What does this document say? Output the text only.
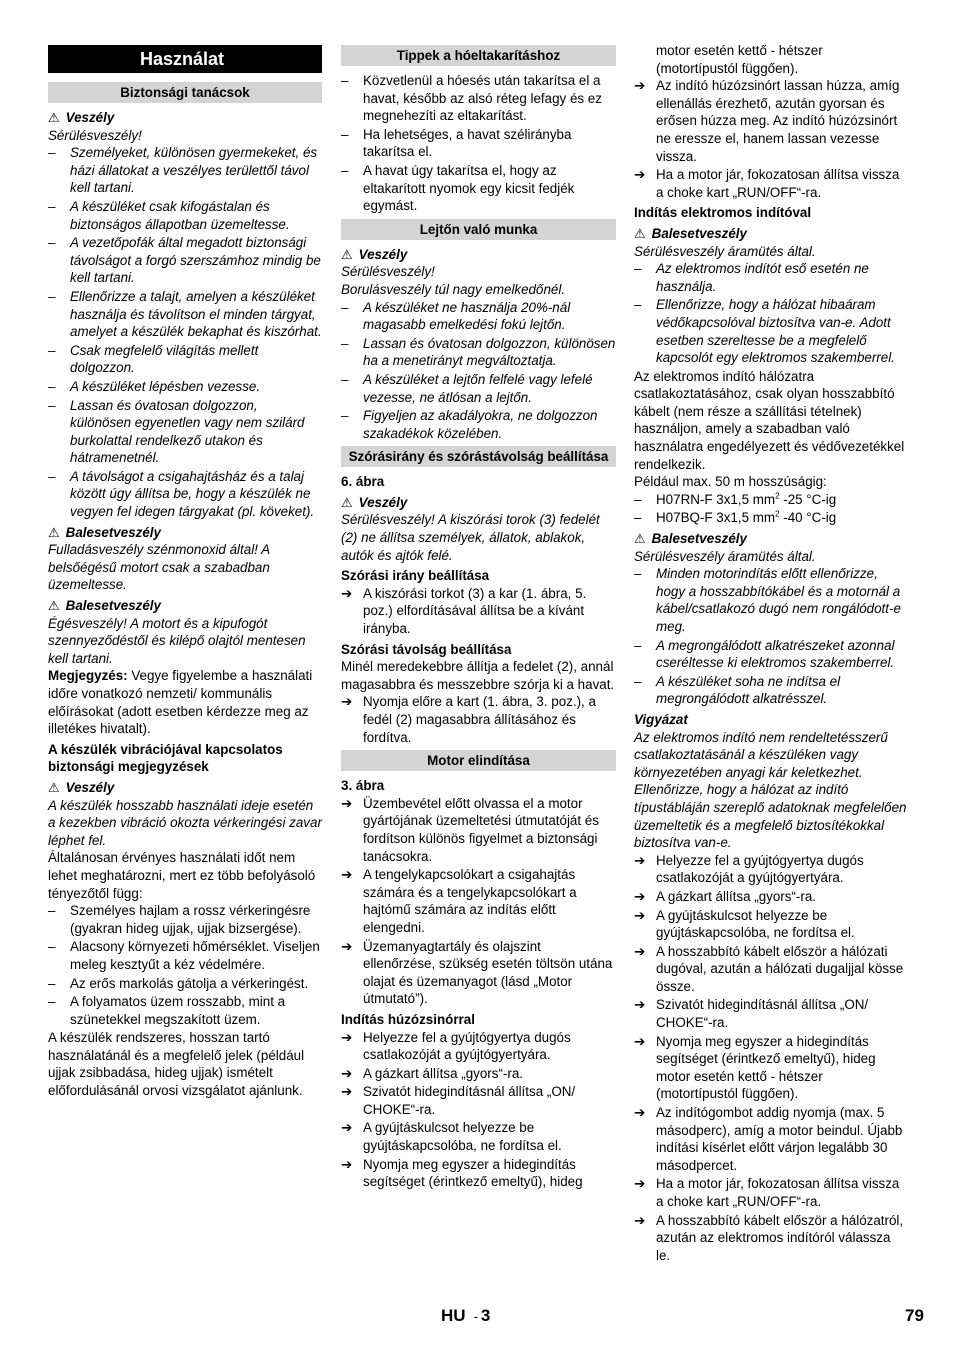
Használat
Biztonsági tanácsok
⚠ Veszély

Sérülésveszély!

– Személyeket, különösen gyermekeket, és házi állatokat a veszélyes területtől távol kell tartani.
– A készüléket csak kifogástalan és biztonságos állapotban üzemeltesse.
– A vezetőpofák által megadott biztonsági távolságot a forgó szerszámhoz mindig be kell tartani.
– Ellenőrizze a talajt, amelyen a készüléket használja és távolítson el minden tárgyat, amelyet a készülék bekaphat és kiszórhat.
– Csak megfelelő világítás mellett dolgozzon.
– A készüléket lépésben vezesse.
– Lassan és óvatosan dolgozzon, különösen egyenetlen vagy nem szilárd burkolattal rendelkező utakon és hátramenetnél.
– A távolságot a csigahajtásház és a talaj között úgy állítsa be, hogy a készülék ne vegyen fel idegen tárgyakat (pl. köveket).
⚠ Balesetveszély

Fulladásveszély szénmonoxid által! A belsőégésű motort csak a szabadban üzemeltesse.

⚠ Balesetveszély

Égésveszély! A motort és a kipufogót szennyeződéstől és kilépő olajtól mentesen kell tartani.

Megjegyzés: Vegye figyelembe a használati időre vonatkozó nemzeti/ kommunális előírásokat (adott esetben kérdezze meg az illetékes hivatalt).

A készülék vibrációjával kapcsolatos biztonsági megjegyzések
⚠ Veszély

A készülék hosszabb használati ideje esetén a kezekben vibráció okozta vérkeringési zavar léphet fel.

Általánosan érvényes használati időt nem lehet meghatározni, mert ez több befolyásoló tényezőtől függ:

– Személyes hajlam a rossz vérkeringésre (gyakran hideg ujjak, ujjak bizsergése).
– Alacsony környezeti hőmérséklet. Viseljen meleg kesztyűt a kéz védelmére.
– Az erős markolás gátolja a vérkeringést.
– A folyamatos üzem rosszabb, mint a szünetekkel megszakított üzem.

A készülék rendszeres, hosszan tartó használatánál és a megfelelő jelek (például ujjak zsibbadása, hideg ujjak) ismételt előfordulásánál orvosi vizsgálatot ajánlunk.

Tippek a hóeltakarításhoz
– Közvetlenül a hóesés után takarítsa el a havat, később az alsó réteg lefagy és ez megnehezíti az eltakarítást.
– Ha lehetséges, a havat szélirányba takarítsa el.
– A havat úgy takarítsa el, hogy az eltakarított nyomok egy kicsit fedjék egymást.
Lejtőn való munka
⚠ Veszély

Sérülésveszély!

Borulásveszély túl nagy emelkedőnél.

– A készüléket ne használja 20%-nál magasabb emelkedési fokú lejtőn.
– Lassan és óvatosan dolgozzon, különösen ha a menetirányt megváltoztatja.
– A készüléket a lejtőn felfelé vagy lefelé vezesse, ne átlósan a lejtőn.
– Figyeljen az akadályokra, ne dolgozzon szakadékok közelében.
Szórásirány és szórástávolság beállítása
6. ábra
⚠ Veszély

Sérülésveszély! A kiszórási torok (3) fedelét (2) ne állítsa személyek, állatok, ablakok, autók és ajtók felé.

Szórási irány beállítása
➔ A kiszórási torkot (3) a kar (1. ábra, 5. poz.) elfordításával állítsa be a kívánt irányba.
Szórási távolság beállítása

Minél meredekebbre állítja a fedelet (2), annál magasabbra és messzebbre szórja ki a havat.

➔ Nyomja előre a kart (1. ábra, 3. poz.), a fedél (2) magasabbra állításához és fordítva.
Motor elindítása
3. ábra
➔ Üzembevétel előtt olvassa el a motor gyártójának üzemeltetési útmutatóját és fordítson különös figyelmet a biztonsági tanácsokra.
➔ A tengelykapcsolókart a csigahajtás számára és a tengelykapcsolókart a hajtómű számára az indítás előtt elengedni.
➔ Üzemanyagtartály és olajszint ellenőrzése, szükség esetén töltsön utána olajat és üzemanyagot (lásd „Motor útmutató”).
Indítás húzózsinórral
➔ Helyezze fel a gyújtógyertya dugós csatlakozóját a gyújtógyertyára.
➔ A gázkart állítsa „gyors“-ra.
➔ Szivatót hidegindításnál állítsa „ON/ CHOKE“-ra.
➔ A gyújtáskulcsot helyezze be gyújtáskapcsolóba, ne fordítsa el.
➔ Nyomja meg egyszer a hidegindítás segítséget (érintkező emeltyű), hideg

motor esetén kettő - hétszer (motortípustól függően).

➔ Az indító húzózsinórt lassan húzza, amíg ellenállás érezhető, azután gyorsan és erősen húzza meg. Az indító húzózsinórt ne eressze el, hanem lassan vezesse vissza.
➔ Ha a motor jár, fokozatosan állítsa vissza a choke kart „RUN/OFF“-ra.
Indítás elektromos indítóval
⚠ Balesetveszély

Sérülésveszély áramütés által.

– Az elektromos indítót eső esetén ne használja.
– Ellenőrizze, hogy a hálózat hibaáram védőkapcsolóval biztosítva van-e. Adott esetben szereltesse be a megfelelő kapcsolót egy elektromos szakemberrel.

Az elektromos indító hálózatra csatlakoztatásához, csak olyan hosszabbító kábelt (nem része a szállítási tételnek) használjon, amely a szabadban való használatra engedélyezett és védővezetékkel rendelkezik.

Például max. 50 m hosszúságig:

– H07RN-F 3x1,5 $mm^2$ -25 °C-ig
– H07BQ-F 3x1,5 $mm^2$ -40 °C-ig
⚠ Balesetveszély

Sérülésveszély áramütés által.

– Minden motorindítás előtt ellenőrizze, hogy a hosszabbítókábel és a motornál a kábel/csatlakozó dugó nem rongálódott-e meg.
– A megrongálódott alkatrészeket azonnal cseréltesse ki elektromos szakemberrel.
– A készüléket soha ne indítsa el megrongálódott alkatrésszel.
Vigyázat

Az elektromos indító nem rendeltetésszerű csatlakoztatásánál a készüléken vagy környezetében anyagi kár keletkezhet. Ellenőrizze, hogy a hálózat az indító típustábláján szereplő adatoknak megfelelően üzemeltetik és a megfelelő biztosítékokkal biztosítva van-e.

➔ Helyezze fel a gyújtógyertya dugós csatlakozóját a gyújtógyertyára.
➔ A gázkart állítsa „gyors“-ra.
➔ A gyújtáskulcsot helyezze be gyújtáskapcsolóba, ne fordítsa el.
➔ A hosszabbító kábelt először a hálózati dugóval, azután a hálózati dugaljjal kösse össze.
➔ Szivatót hidegindításnál állítsa „ON/ CHOKE“-ra.
➔ Nyomja meg egyszer a hidegindítás segítséget (érintkező emeltyű), hideg motor esetén kettő - hétszer (motortípustól függően).
➔ Az indítógombot addig nyomja (max. 5 másodperc), amíg a motor beindul. Újabb indítási kísérlet előtt várjon legalább 30 másodpercet.
➔ Ha a motor jár, fokozatosan állítsa vissza a choke kart „RUN/OFF“-ra.
➔ A hosszabbító kábelt először a hálózatról, azután az elektromos indítóról válassza le.
HU - 3	79
